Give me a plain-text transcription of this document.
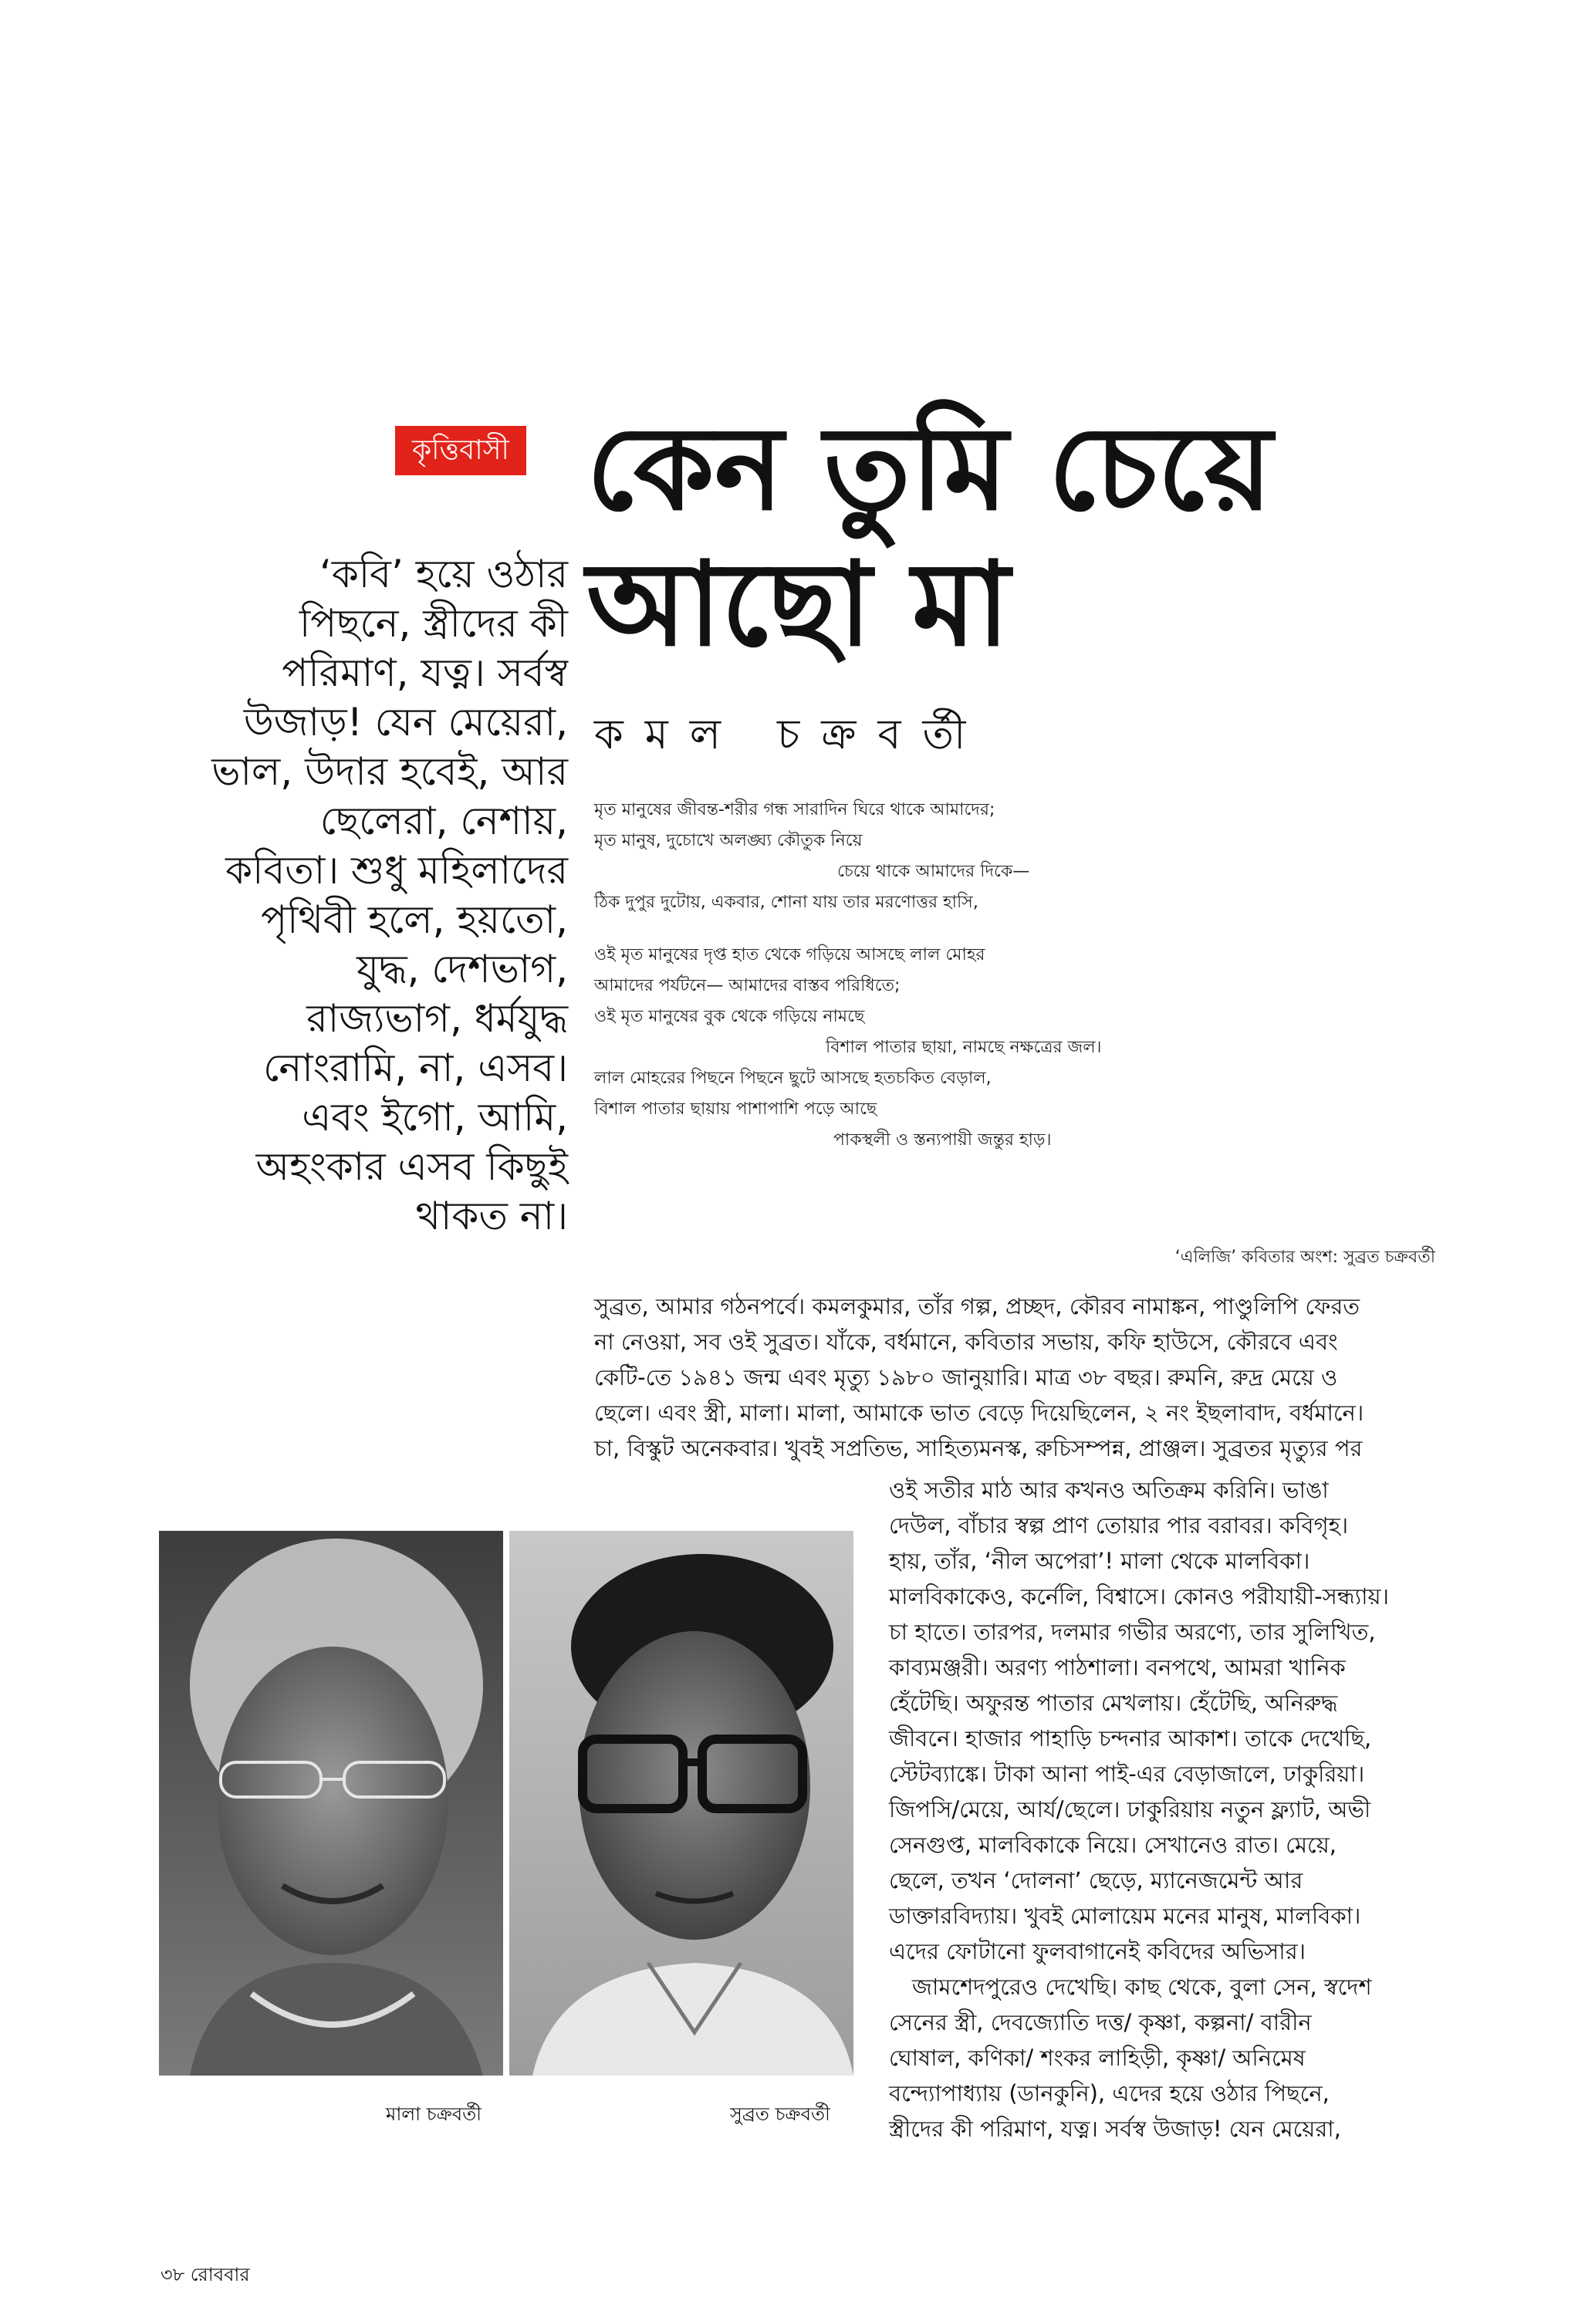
কৃত্তিবাসী কেন তুমি চেয়ে
আছো মা
কমল চক্রবর্তী
‘কবি’ হয়ে ওঠার
পিছনে, স্ত্রীদের কী
পরিমাণ, যত্ন। সর্বস্ব
উজাড়! যেন মেয়েরা,
ভাল, উদার হবেই, আর
ছেলেরা, নেশায়,
কবিতা। শুধু মহিলাদের
পৃথিবী হলে, হয়তো,
যুদ্ধ, দেশভাগ,
রাজ্যভাগ, ধর্মযুদ্ধ
নোংরামি, না, এসব।
এবং ইগো, আমি,
অহংকার এসব কিছুই
থাকত না।
মৃত মানুষের জীবন্ত-শরীর গন্ধ সারাদিন ঘিরে থাকে আমাদের;
মৃত মানুষ, দুচোখে অলঙ্ঘ্য কৌতুক নিয়ে
চেয়ে থাকে আমাদের দিকে—
ঠিক দুপুর দুটোয়, একবার, শোনা যায় তার মরণোত্তর হাসি,
ওই মৃত মানুষের দৃপ্ত হাত থেকে গড়িয়ে আসছে লাল মোহর
আমাদের পর্যটনে— আমাদের বাস্তব পরিধিতে;
ওই মৃত মানুষের বুক থেকে গড়িয়ে নামছে
বিশাল পাতার ছায়া, নামছে নক্ষত্রের জল।
লাল মোহরের পিছনে পিছনে ছুটে আসছে হতচকিত বেড়াল,
বিশাল পাতার ছায়ায় পাশাপাশি পড়ে আছে
পাকস্থলী ও স্তন্যপায়ী জন্তুর হাড়।
‘এলিজি’ কবিতার অংশ: সুব্রত চক্রবর্তী
সুব্রত, আমার গঠনপর্বে। কমলকুমার, তাঁর গল্প, প্রচ্ছদ, কৌরব নামাঙ্কন, পাণ্ডুলিপি ফেরত
না নেওয়া, সব ওই সুব্রত। যাঁকে, বর্ধমানে, কবিতার সভায়, কফি হাউসে, কৌরবে এবং
কেটি-তে ১৯৪১ জন্ম এবং মৃত্যু ১৯৮০ জানুয়ারি। মাত্র ৩৮ বছর। রুমনি, রুদ্র মেয়ে ও
ছেলে। এবং স্ত্রী, মালা। মালা, আমাকে ভাত বেড়ে দিয়েছিলেন, ২ নং ইছলাবাদ, বর্ধমানে।
চা, বিস্কুট অনেকবার। খুবই সপ্রতিভ, সাহিত্যমনস্ক, রুচিসম্পন্ন, প্রাঞ্জল। সুব্রতর মৃত্যুর পর
ওই সতীর মাঠ আর কখনও অতিক্রম করিনি। ভাঙা
দেউল, বাঁচার স্বল্প প্রাণ তোয়ার পার বরাবর। কবিগৃহ।
হায়, তাঁর, ‘নীল অপেরা’! মালা থেকে মালবিকা।
মালবিকাকেও, কর্নেলি, বিশ্বাসে। কোনও পরীযায়ী-সন্ধ্যায়।
চা হাতে। তারপর, দলমার গভীর অরণ্যে, তার সুলিখিত,
কাব্যমঞ্জরী। অরণ্য পাঠশালা। বনপথে, আমরা খানিক
হেঁটেছি। অফুরন্ত পাতার মেখলায়। হেঁটেছি, অনিরুদ্ধ
জীবনে। হাজার পাহাড়ি চন্দনার আকাশ। তাকে দেখেছি,
স্টেটব্যাঙ্কে। টাকা আনা পাই-এর বেড়াজালে, ঢাকুরিয়া।
জিপসি/মেয়ে, আর্য/ছেলে। ঢাকুরিয়ায় নতুন ফ্ল্যাট, অভী
সেনগুপ্ত, মালবিকাকে নিয়ে। সেখানেও রাত। মেয়ে,
ছেলে, তখন ‘দোলনা’ ছেড়ে, ম্যানেজমেন্ট আর
ডাক্তারবিদ্যায়। খুবই মোলায়েম মনের মানুষ, মালবিকা।
এদের ফোটানো ফুলবাগানেই কবিদের অভিসার।
জামশেদপুরেও দেখেছি। কাছ থেকে, বুলা সেন, স্বদেশ
সেনের স্ত্রী, দেবজ্যোতি দত্ত/ কৃষ্ণা, কল্পনা/ বারীন
ঘোষাল, কণিকা/ শংকর লাহিড়ী, কৃষ্ণা/ অনিমেষ
বন্দ্যোপাধ্যায় (ডানকুনি), এদের হয়ে ওঠার পিছনে,
স্ত্রীদের কী পরিমাণ, যত্ন। সর্বস্ব উজাড়! যেন মেয়েরা,
মালা চক্রবর্তী	সুব্রত চক্রবর্তী
৩৮ রোববার
